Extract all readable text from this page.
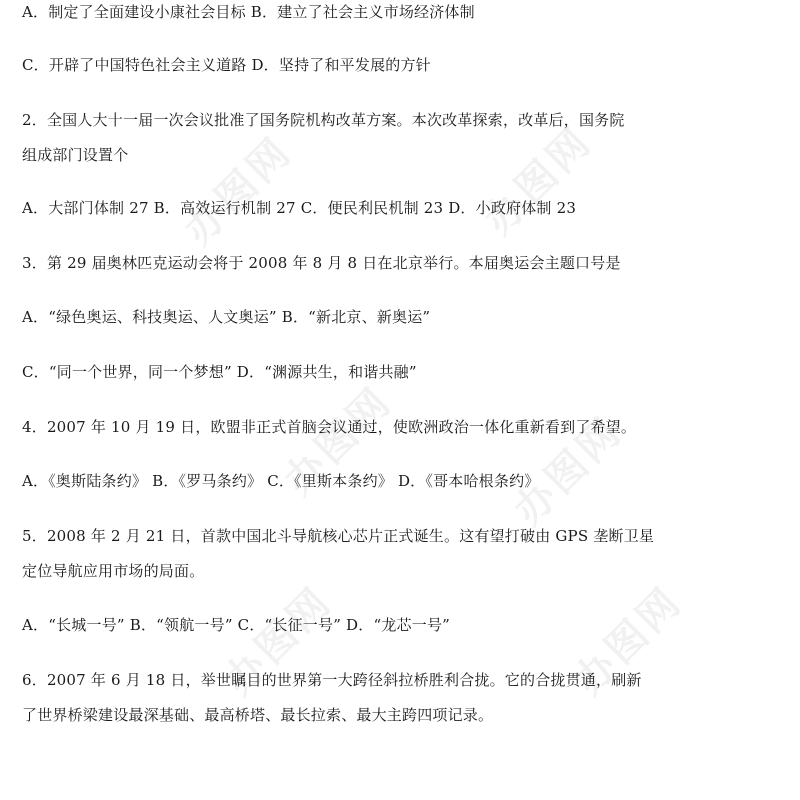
办图网	办图网
办图网	办图网
办图网	办图网
A．制定了全面建设小康社会目标 B．建立了社会主义市场经济体制
C．开辟了中国特色社会主义道路 D．坚持了和平发展的方针
2．全国人大十一届一次会议批准了国务院机构改革方案。本次改革探索，改革后，国务院
组成部门设置个
A．大部门体制 27 B．高效运行机制 27 C．便民利民机制 23 D．小政府体制 23
3．第 29 届奥林匹克运动会将于 2008 年 8 月 8 日在北京举行。本届奥运会主题口号是
A．“绿色奥运、科技奥运、人文奥运” B．“新北京、新奥运”
C．“同一个世界，同一个梦想” D．“渊源共生，和谐共融”
4．2007 年 10 月 19 日，欧盟非正式首脑会议通过，使欧洲政治一体化重新看到了希望。
A．《奥斯陆条约》 B．《罗马条约》 C．《里斯本条约》 D．《哥本哈根条约》
5．2008 年 2 月 21 日，首款中国北斗导航核心芯片正式诞生。这有望打破由 GPS 垄断卫星
定位导航应用市场的局面。
A．“长城一号” B．“领航一号” C．“长征一号” D．“龙芯一号”
6．2007 年 6 月 18 日，举世瞩目的世界第一大跨径斜拉桥胜利合拢。它的合拢贯通，刷新
了世界桥梁建设最深基础、最高桥塔、最长拉索、最大主跨四项记录。
